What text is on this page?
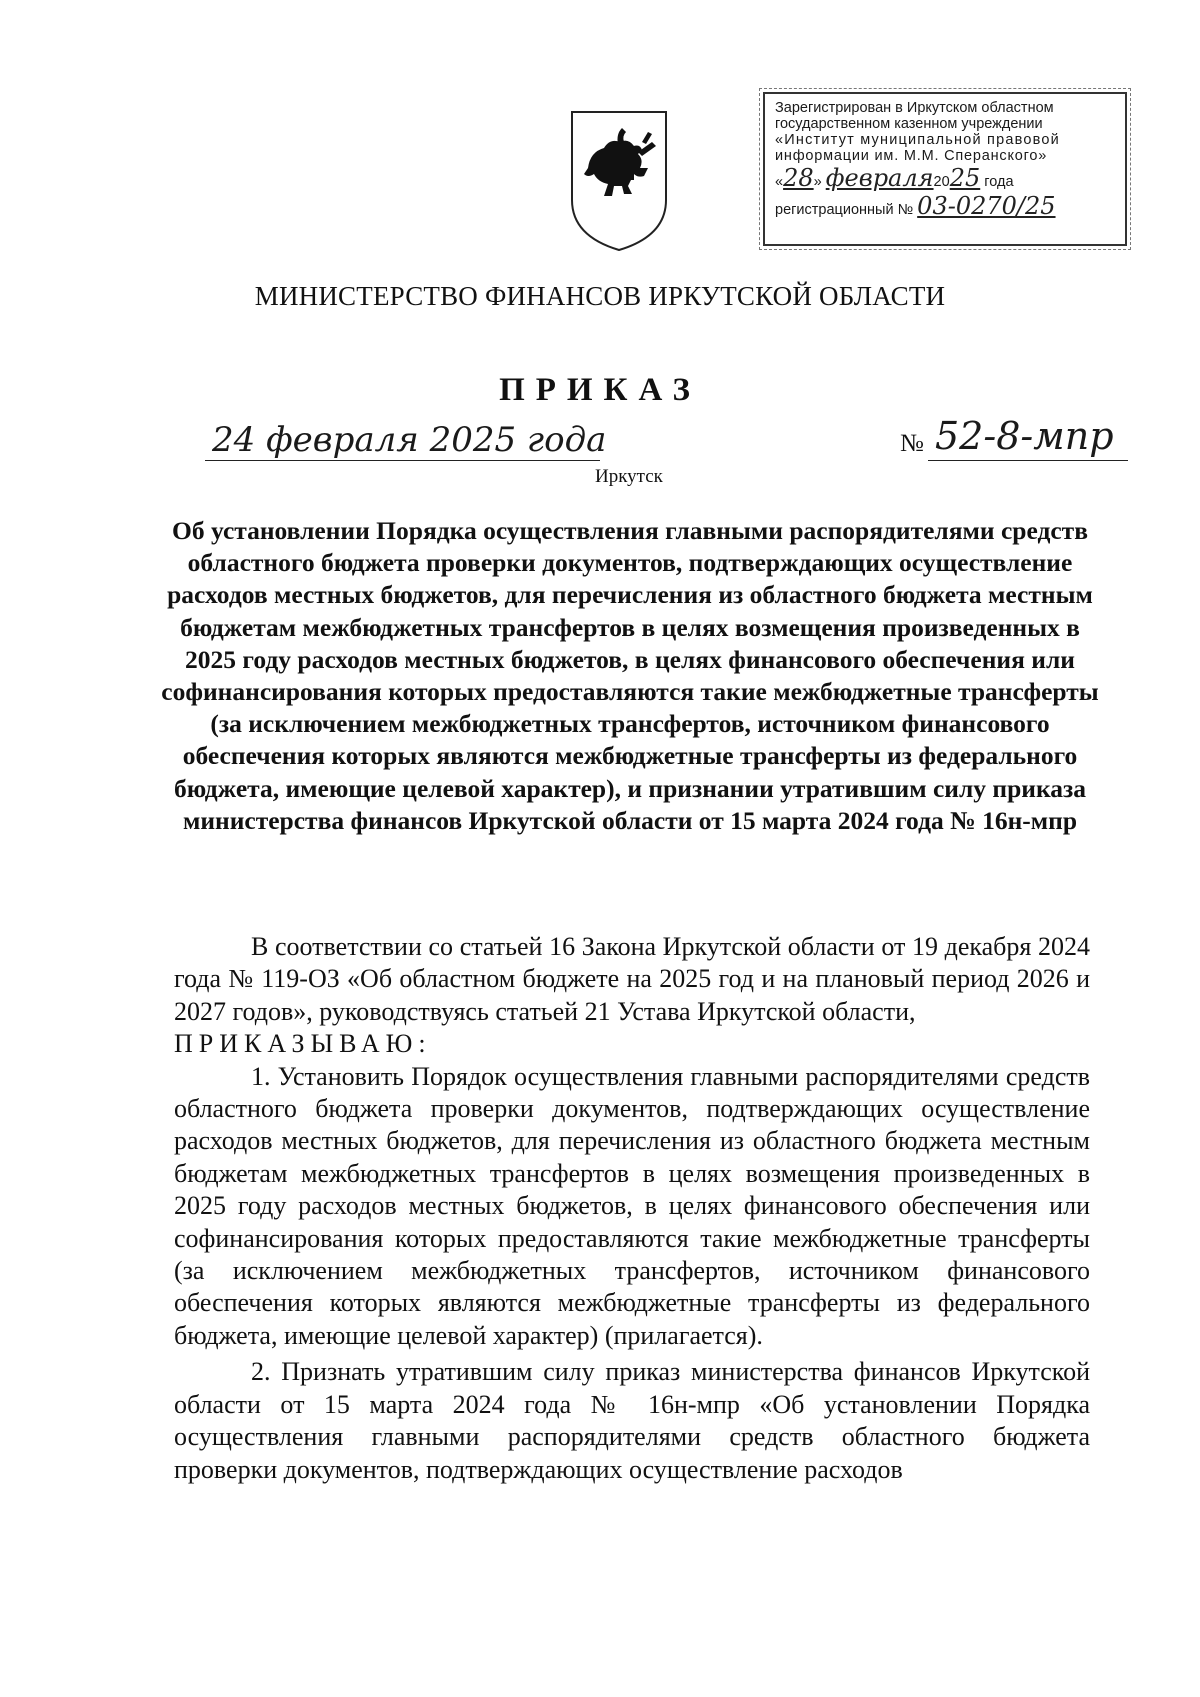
Зарегистрирован в Иркутском областном
государственном казенном учреждении
«Институт муниципальной правовой
информации им. М.М. Сперанского»
«28» февраля2025 года
регистрационный № 03-0270/25
МИНИСТЕРСТВО ФИНАНСОВ ИРКУТСКОЙ ОБЛАСТИ
ПРИКАЗ
24 февраля 2025 года	№ 52-8-мпр
Иркутск
Об установлении Порядка осуществления главными распорядителями средств областного бюджета проверки документов, подтверждающих осуществление расходов местных бюджетов, для перечисления из областного бюджета местным бюджетам межбюджетных трансфертов в целях возмещения произведенных в 2025 году расходов местных бюджетов, в целях финансового обеспечения или софинансирования которых предоставляются такие межбюджетные трансферты (за исключением межбюджетных трансфертов, источником финансового обеспечения которых являются межбюджетные трансферты из федерального бюджета, имеющие целевой характер), и признании утратившим силу приказа министерства финансов Иркутской области от 15 марта 2024 года № 16н-мпр

В соответствии со статьей 16 Закона Иркутской области от 19 декабря 2024 года № 119-ОЗ «Об областном бюджете на 2025 год и на плановый период 2026 и 2027 годов», руководствуясь статьей 21 Устава Иркутской области,

ПРИКАЗЫВАЮ:

1. Установить Порядок осуществления главными распорядителями средств областного бюджета проверки документов, подтверждающих осуществление расходов местных бюджетов, для перечисления из областного бюджета местным бюджетам межбюджетных трансфертов в целях возмещения произведенных в 2025 году расходов местных бюджетов, в целях финансового обеспечения или софинансирования которых предоставляются такие межбюджетные трансферты (за исключением межбюджетных трансфертов, источником финансового обеспечения которых являются межбюджетные трансферты из федерального бюджета, имеющие целевой характер) (прилагается).

2. Признать утратившим силу приказ министерства финансов Иркутской области от 15 марта 2024 года № 16н-мпр «Об установлении Порядка осуществления главными распорядителями средств областного бюджета проверки документов, подтверждающих осуществление расходов
